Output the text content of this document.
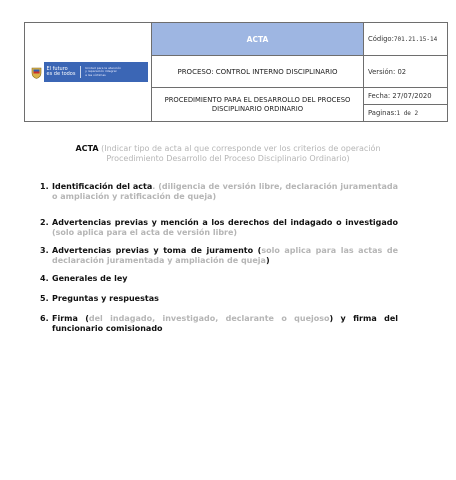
El futuro
es de todos
Unidad para la atención
y reparación integral
a las víctimas
ACTA
PROCESO: CONTROL INTERNO DISCIPLINARIO
PROCEDIMIENTO PARA EL DESARROLLO DEL PROCESO DISCIPLINARIO ORDINARIO
Código: 701.21.15-14
Versión: 02
Fecha: 27/07/2020
Paginas: 1 de 2
ACTA (Indicar tipo de acta al que corresponde ver los criterios de operación Procedimiento Desarrollo del Proceso Disciplinario Ordinario)
1. Identificación del acta. (diligencia de versión libre, declaración juramentada o ampliación y ratificación de queja)
2. Advertencias previas y mención a los derechos del indagado o investigado (solo aplica para el acta de versión libre)
3. Advertencias previas y toma de juramento (solo aplica para las actas de declaración juramentada y ampliación de queja)
4. Generales de ley
5. Preguntas y respuestas
6. Firma (del indagado, investigado, declarante o quejoso) y firma del funcionario comisionado
